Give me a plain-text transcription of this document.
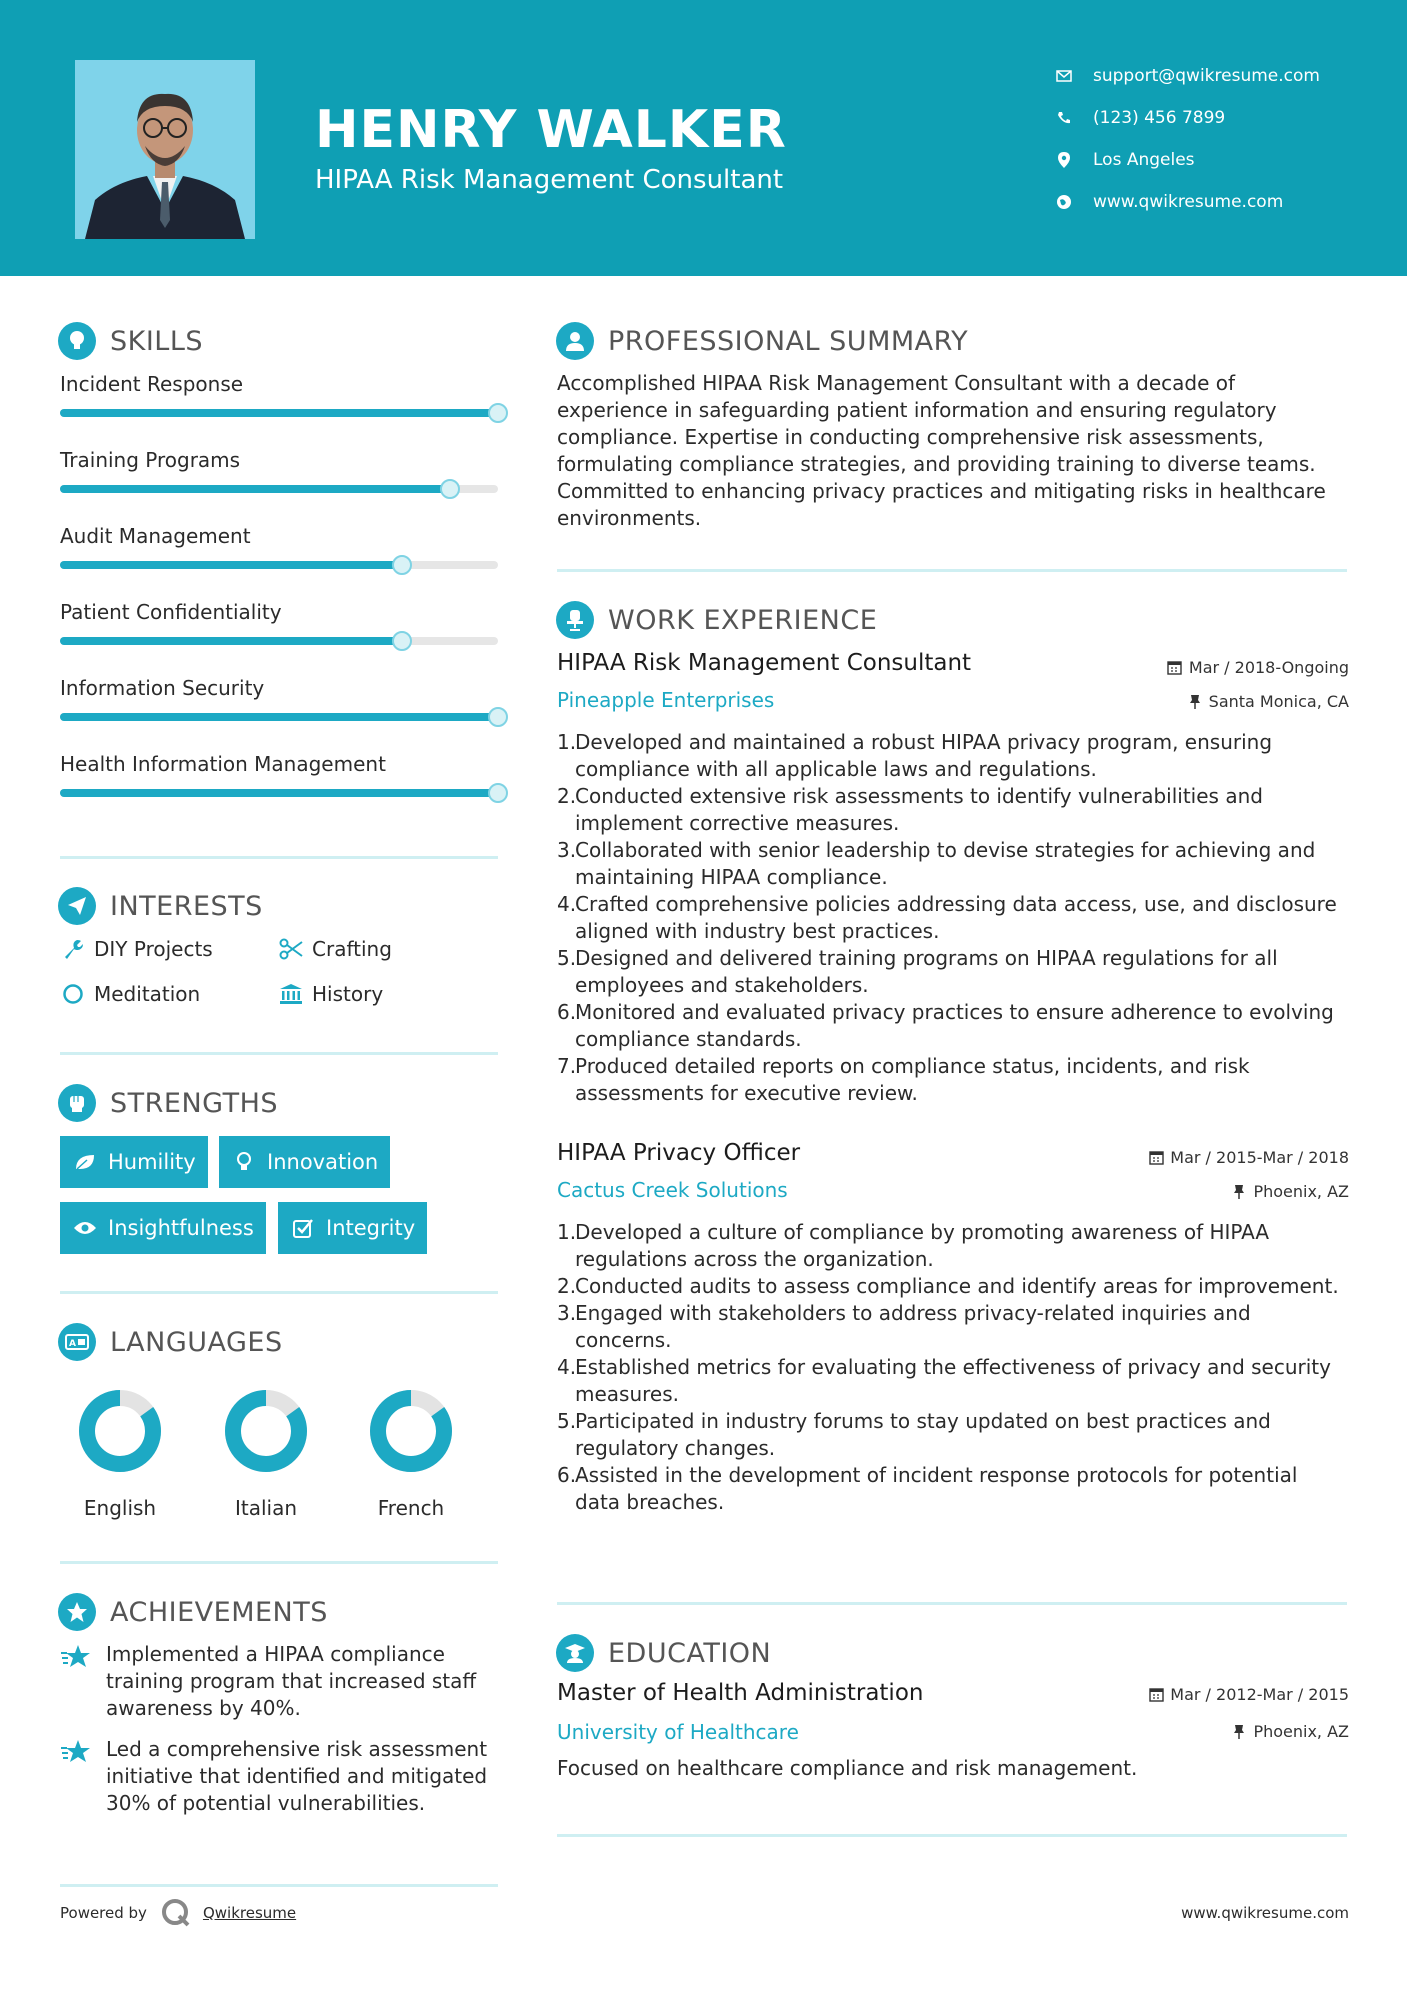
HENRY WALKER
HIPAA Risk Management Consultant
support@qwikresume.com
(123) 456 7899
Los Angeles
www.qwikresume.com
SKILLS
Incident Response
Training Programs
Audit Management
Patient Confidentiality
Information Security
Health Information Management
INTERESTS
DIY Projects	Crafting
Meditation	History
STRENGTHS
Humility	Innovation
Insightfulness	Integrity
A LANGUAGES
English	Italian	French
ACHIEVEMENTS
Implemented a HIPAA compliance training program that increased staff awareness by 40%.
Led a comprehensive risk assessment initiative that identified and mitigated 30% of potential vulnerabilities.
PROFESSIONAL SUMMARY
Accomplished HIPAA Risk Management Consultant with a decade of experience in safeguarding patient information and ensuring regulatory compliance. Expertise in conducting comprehensive risk assessments, formulating compliance strategies, and providing training to diverse teams. Committed to enhancing privacy practices and mitigating risks in healthcare environments.
WORK EXPERIENCE
HIPAA Risk Management Consultant	Mar / 2018-Ongoing
Pineapple Enterprises	Santa Monica, CA
1.
Developed and maintained a robust HIPAA privacy program, ensuring compliance with all applicable laws and regulations.
2.
Conducted extensive risk assessments to identify vulnerabilities and implement corrective measures.
3.
Collaborated with senior leadership to devise strategies for achieving and maintaining HIPAA compliance.
4.
Crafted comprehensive policies addressing data access, use, and disclosure aligned with industry best practices.
5.
Designed and delivered training programs on HIPAA regulations for all employees and stakeholders.
6.
Monitored and evaluated privacy practices to ensure adherence to evolving compliance standards.
7.
Produced detailed reports on compliance status, incidents, and risk assessments for executive review.
HIPAA Privacy Officer	Mar / 2015-Mar / 2018
Cactus Creek Solutions	Phoenix, AZ
1.
Developed a culture of compliance by promoting awareness of HIPAA regulations across the organization.
2.
Conducted audits to assess compliance and identify areas for improvement.
3.
Engaged with stakeholders to address privacy-related inquiries and concerns.
4.
Established metrics for evaluating the effectiveness of privacy and security measures.
5.
Participated in industry forums to stay updated on best practices and regulatory changes.
6.
Assisted in the development of incident response protocols for potential data breaches.
EDUCATION
Master of Health Administration	Mar / 2012-Mar / 2015
University of Healthcare	Phoenix, AZ
Focused on healthcare compliance and risk management.
Powered by	Qwikresume	www.qwikresume.com
